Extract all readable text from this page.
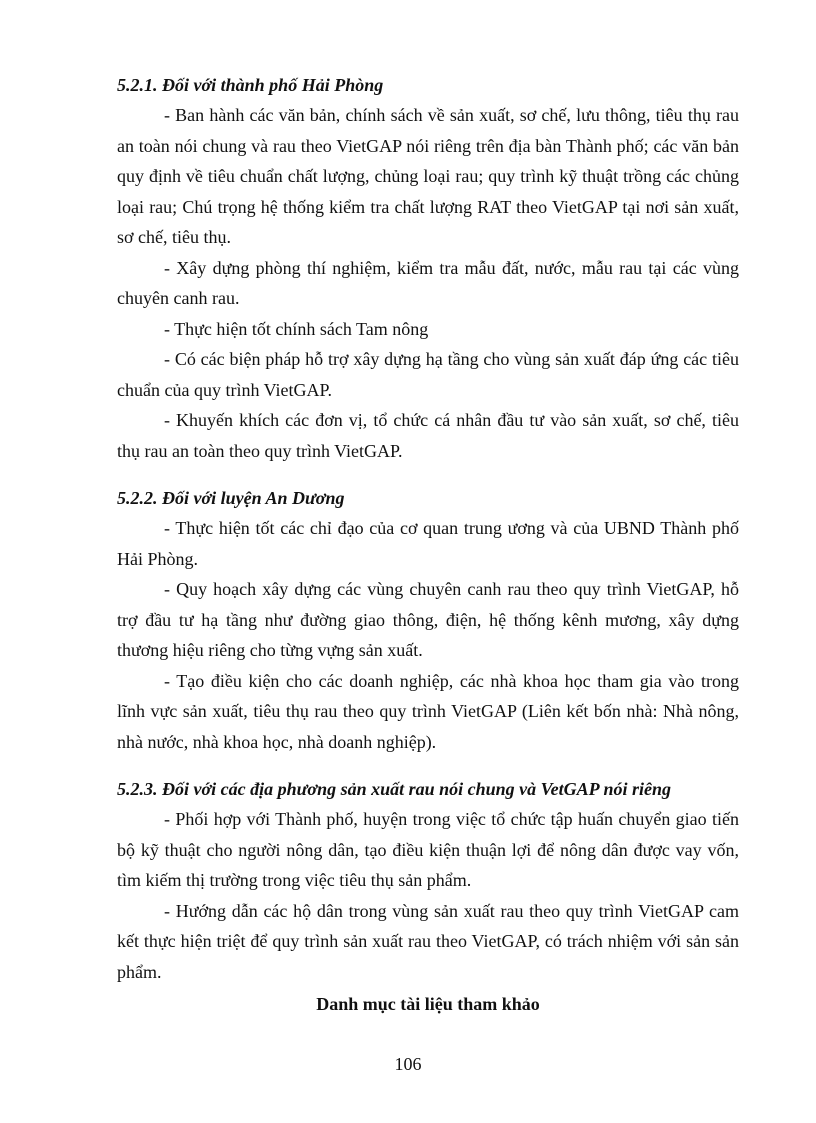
5.2.1. Đối với thành phố Hải Phòng

- Ban hành các văn bản, chính sách về sản xuất, sơ chế, lưu thông, tiêu thụ rau an toàn nói chung và rau theo VietGAP nói riêng trên địa bàn Thành phố; các văn bản quy định về tiêu chuẩn chất lượng, chủng loại rau; quy trình kỹ thuật trồng các chủng loại rau; Chú trọng hệ thống kiểm tra chất lượng RAT theo VietGAP tại nơi sản xuất, sơ chế, tiêu thụ.

- Xây dựng phòng thí nghiệm, kiểm tra mẫu đất, nước, mẫu rau tại các vùng chuyên canh rau.

- Thực hiện tốt chính sách Tam nông

- Có các biện pháp hỗ trợ xây dựng hạ tầng cho vùng sản xuất đáp ứng các tiêu chuẩn của quy trình VietGAP.

- Khuyến khích các đơn vị, tổ chức cá nhân đầu tư vào sản xuất, sơ chế, tiêu thụ rau an toàn theo quy trình VietGAP.

5.2.2. Đối với luyện An Dương

- Thực hiện tốt các chỉ đạo của cơ quan trung ương và của UBND Thành phố Hải Phòng.

- Quy hoạch xây dựng các vùng chuyên canh rau theo quy trình VietGAP, hỗ trợ đầu tư hạ tầng như đường giao thông, điện, hệ thống kênh mương, xây dựng thương hiệu riêng cho từng vựng sản xuất.

- Tạo điều kiện cho các doanh nghiệp, các nhà khoa học tham gia vào trong lĩnh vực sản xuất, tiêu thụ rau theo quy trình VietGAP (Liên kết bốn nhà: Nhà nông, nhà nước, nhà khoa học, nhà doanh nghiệp).

5.2.3. Đối với các địa phương sản xuất rau nói chung và VetGAP nói riêng

- Phối hợp với Thành phố, huyện trong việc tổ chức tập huấn chuyển giao tiến bộ kỹ thuật cho người nông dân, tạo điều kiện thuận lợi để nông dân được vay vốn, tìm kiếm thị trường trong việc tiêu thụ sản phẩm.

- Hướng dẫn các hộ dân trong vùng sản xuất rau theo quy trình VietGAP cam kết thực hiện triệt để quy trình sản xuất rau theo VietGAP, có trách nhiệm với sản sản phẩm.

Danh mục tài liệu tham khảo

106
